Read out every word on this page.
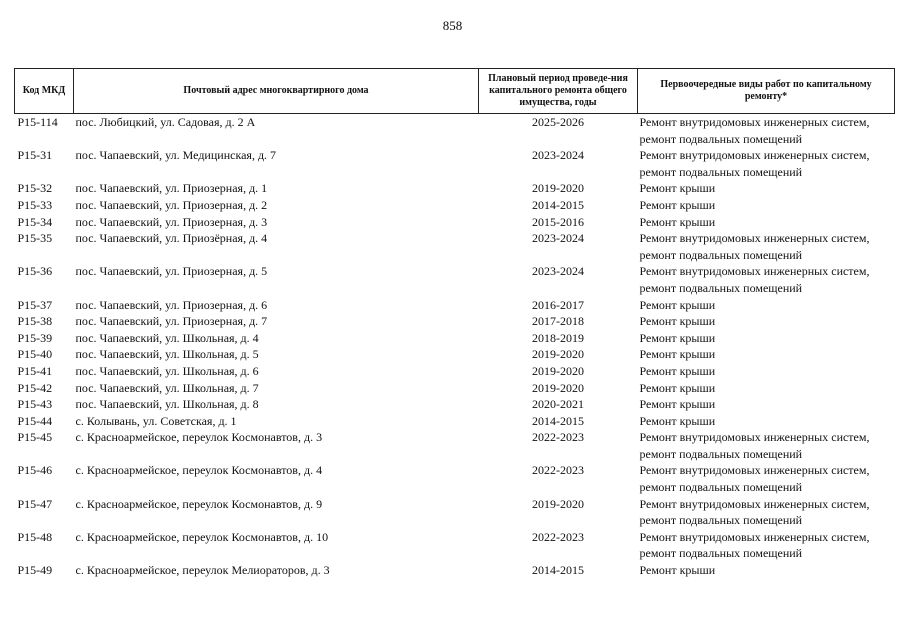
858
Код МКД	Почтовый адрес многоквартирного дома	Плановый период проведе-ния капитального ремонта общего имущества, годы	Первоочередные виды работ по капитальному ремонту*
Р15-114	пос. Любицкий, ул. Садовая, д. 2 А	2025-2026	Ремонт внутридомовых инженерных систем,
ремонт подвальных помещений

Р15-31	пос. Чапаевский, ул. Медицинская, д. 7	2023-2024	Ремонт внутридомовых инженерных систем,
ремонт подвальных помещений

Р15-32	пос. Чапаевский, ул. Приозерная, д. 1	2019-2020	Ремонт крыши

Р15-33	пос. Чапаевский, ул. Приозерная, д. 2	2014-2015	Ремонт крыши

Р15-34	пос. Чапаевский, ул. Приозерная, д. 3	2015-2016	Ремонт крыши

Р15-35	пос. Чапаевский, ул. Приозёрная, д. 4	2023-2024	Ремонт внутридомовых инженерных систем,
ремонт подвальных помещений

Р15-36	пос. Чапаевский, ул. Приозерная, д. 5	2023-2024	Ремонт внутридомовых инженерных систем,
ремонт подвальных помещений

Р15-37	пос. Чапаевский, ул. Приозерная, д. 6	2016-2017	Ремонт крыши

Р15-38	пос. Чапаевский, ул. Приозерная, д. 7	2017-2018	Ремонт крыши

Р15-39	пос. Чапаевский, ул. Школьная, д. 4	2018-2019	Ремонт крыши

Р15-40	пос. Чапаевский, ул. Школьная, д. 5	2019-2020	Ремонт крыши

Р15-41	пос. Чапаевский, ул. Школьная, д. 6	2019-2020	Ремонт крыши

Р15-42	пос. Чапаевский, ул. Школьная, д. 7	2019-2020	Ремонт крыши

Р15-43	пос. Чапаевский, ул. Школьная, д. 8	2020-2021	Ремонт крыши

Р15-44	с. Колывань, ул. Советская, д. 1	2014-2015	Ремонт крыши

Р15-45	с. Красноармейское, переулок Космонавтов, д. 3	2022-2023	Ремонт внутридомовых инженерных систем,
ремонт подвальных помещений

Р15-46	с. Красноармейское, переулок Космонавтов, д. 4	2022-2023	Ремонт внутридомовых инженерных систем,
ремонт подвальных помещений

Р15-47	с. Красноармейское, переулок Космонавтов, д. 9	2019-2020	Ремонт внутридомовых инженерных систем,
ремонт подвальных помещений

Р15-48	с. Красноармейское, переулок Космонавтов, д. 10	2022-2023	Ремонт внутридомовых инженерных систем,
ремонт подвальных помещений

Р15-49	с. Красноармейское, переулок Мелиораторов, д. 3	2014-2015	Ремонт крыши
